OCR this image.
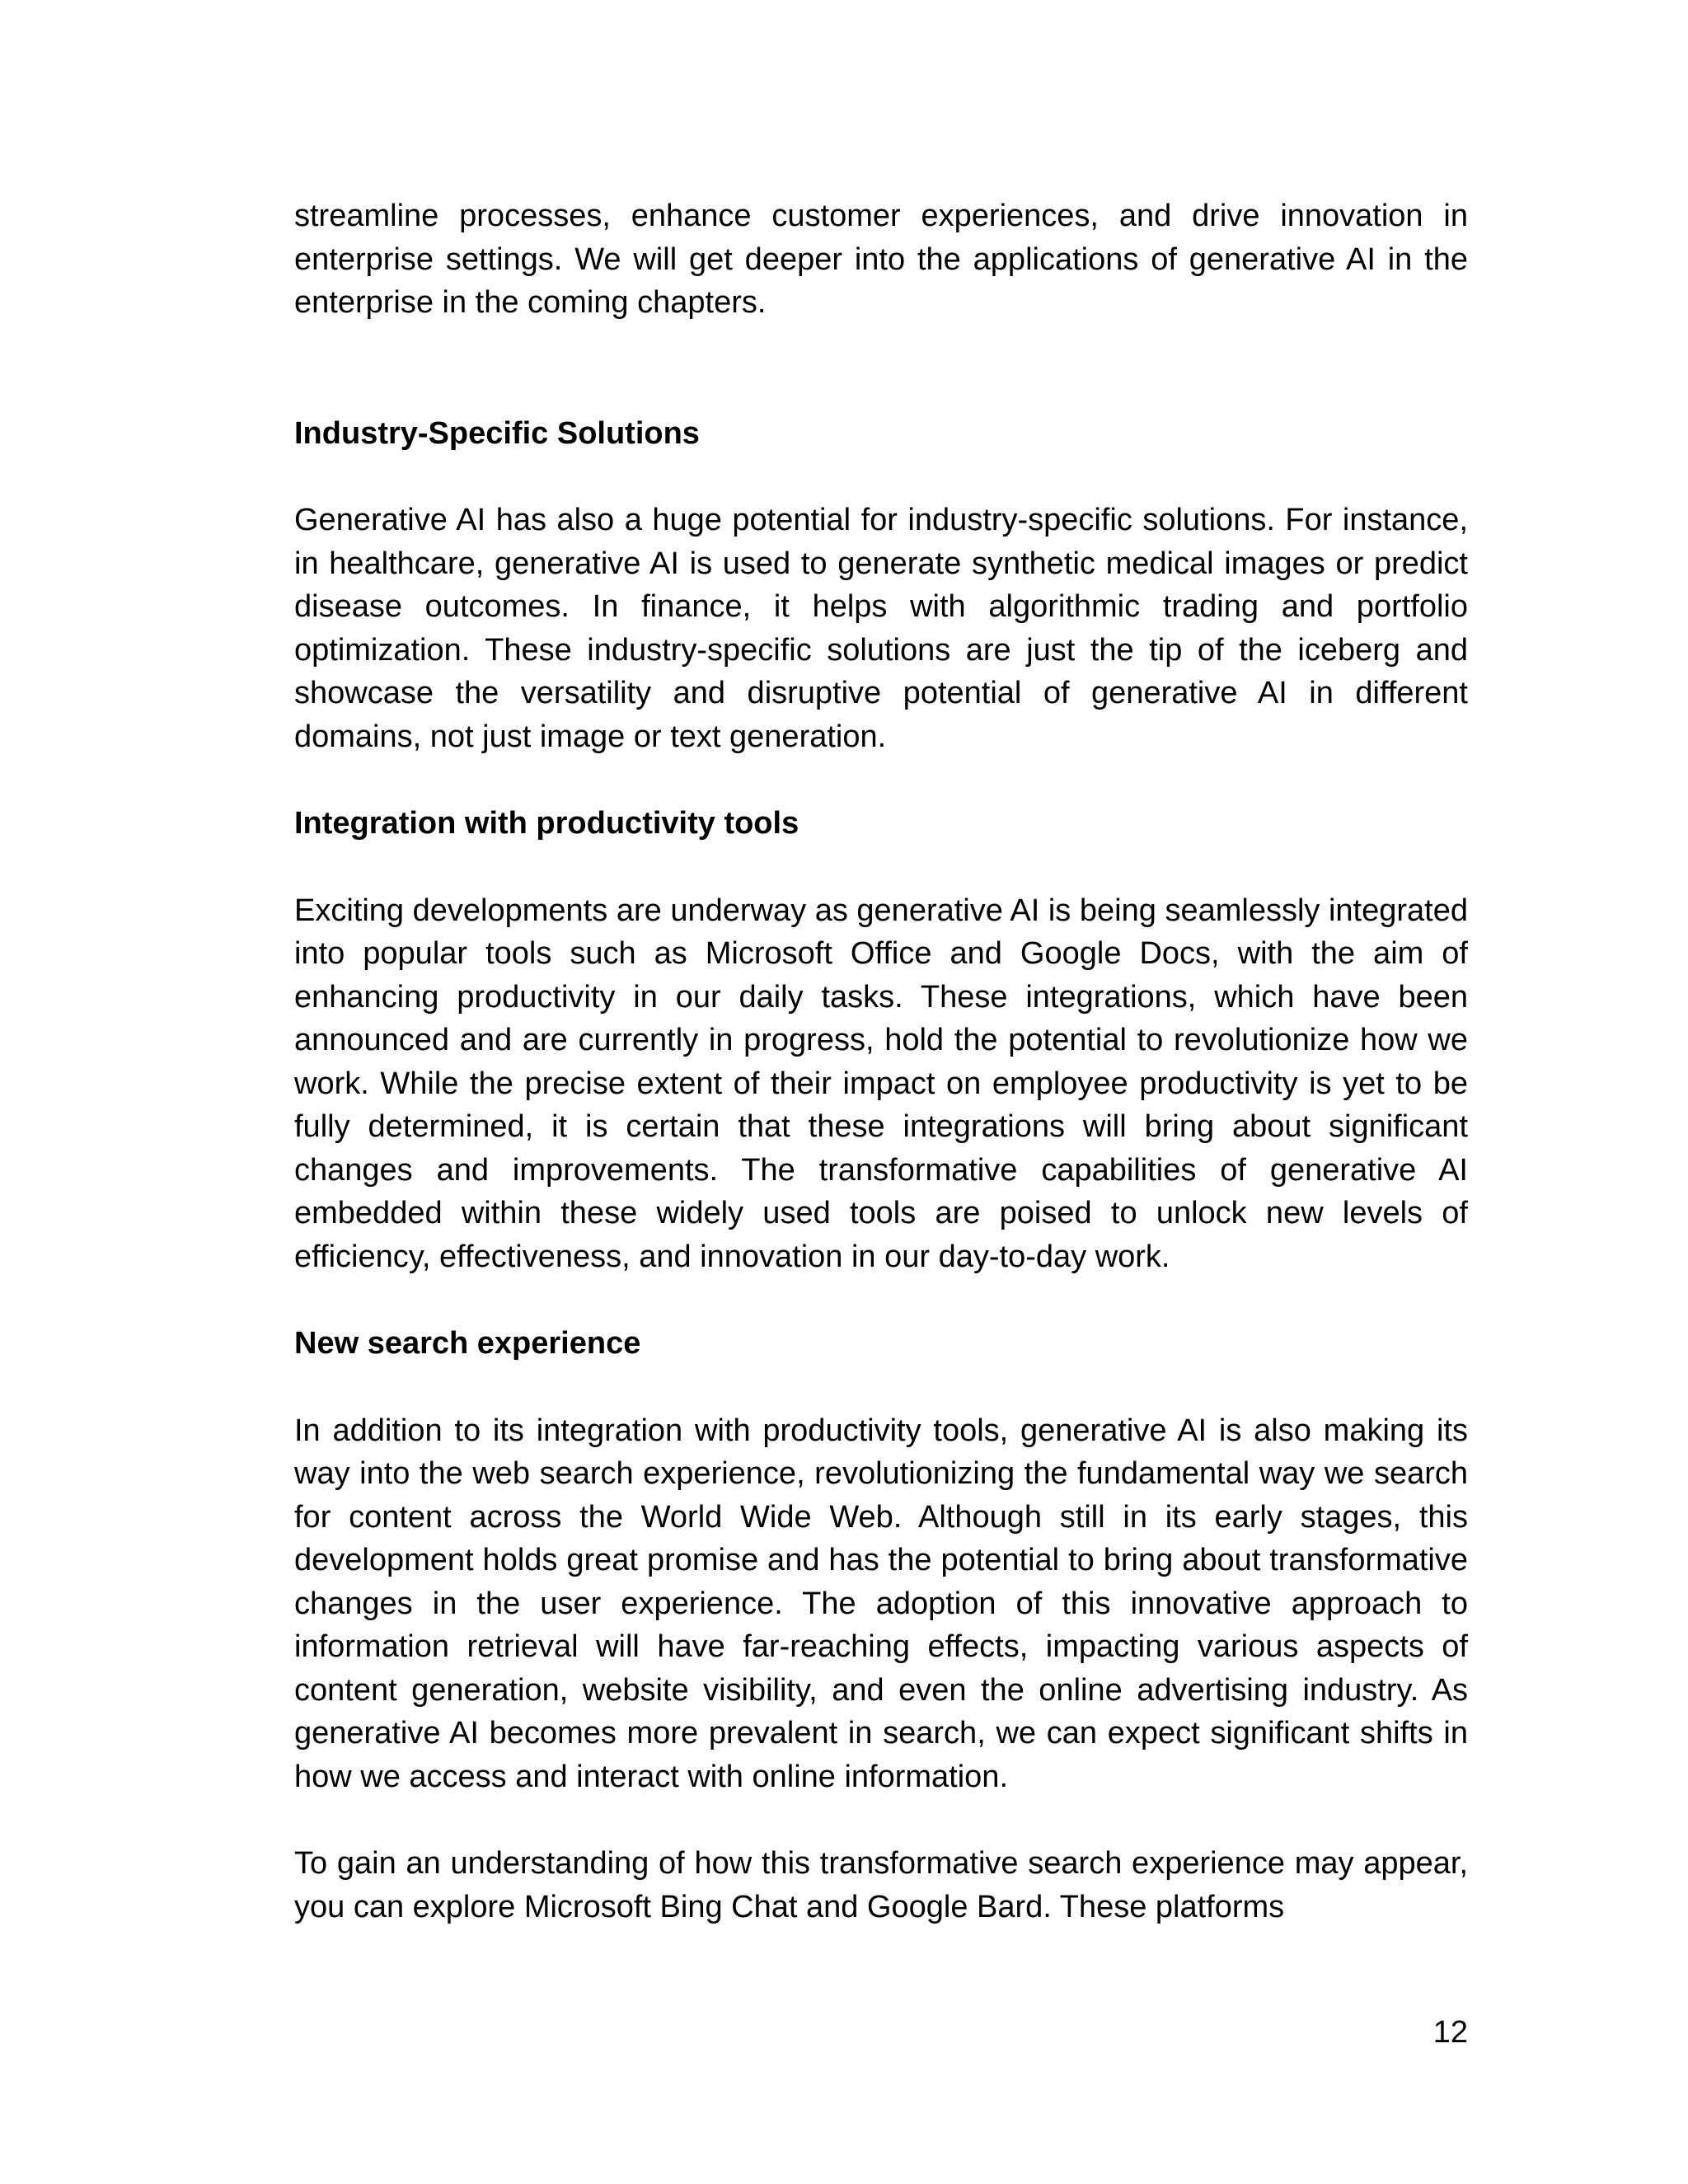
streamline processes, enhance customer experiences, and drive innovation in enterprise settings. We will get deeper into the applications of generative AI in the enterprise in the coming chapters.

Industry-Specific Solutions

Generative AI has also a huge potential for industry-specific solutions. For instance, in healthcare, generative AI is used to generate synthetic medical images or predict disease outcomes. In finance, it helps with algorithmic trading and portfolio optimization. These industry-specific solutions are just the tip of the iceberg and showcase the versatility and disruptive potential of generative AI in different domains, not just image or text generation.

Integration with productivity tools

Exciting developments are underway as generative AI is being seamlessly integrated into popular tools such as Microsoft Office and Google Docs, with the aim of enhancing productivity in our daily tasks. These integrations, which have been announced and are currently in progress, hold the potential to revolutionize how we work. While the precise extent of their impact on employee productivity is yet to be fully determined, it is certain that these integrations will bring about significant changes and improvements. The transformative capabilities of generative AI embedded within these widely used tools are poised to unlock new levels of efficiency, effectiveness, and innovation in our day-to-day work.

New search experience

In addition to its integration with productivity tools, generative AI is also making its way into the web search experience, revolutionizing the fundamental way we search for content across the World Wide Web. Although still in its early stages, this development holds great promise and has the potential to bring about transformative changes in the user experience. The adoption of this innovative approach to information retrieval will have far-reaching effects, impacting various aspects of content generation, website visibility, and even the online advertising industry. As generative AI becomes more prevalent in search, we can expect significant shifts in how we access and interact with online information.

To gain an understanding of how this transformative search experience may appear, you can explore Microsoft Bing Chat and Google Bard. These platforms

12
